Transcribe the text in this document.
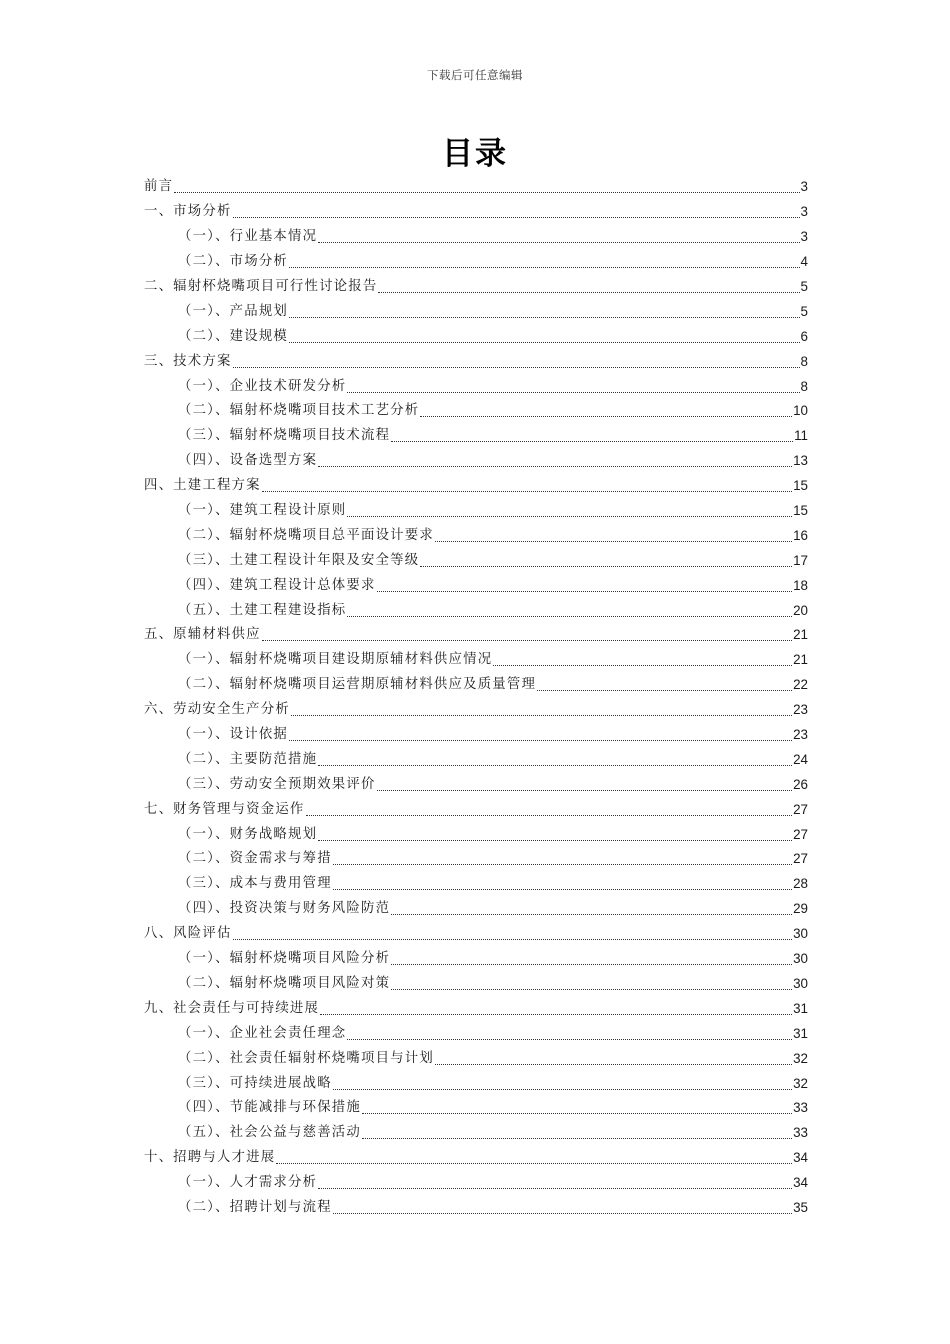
下载后可任意编辑
目录
前言	3
一、市场分析	3
（一）、行业基本情况	3
（二）、市场分析	4
二、辐射杯烧嘴项目可行性讨论报告	5
（一）、产品规划	5
（二）、建设规模	6
三、技术方案	8
（一）、企业技术研发分析	8
（二）、辐射杯烧嘴项目技术工艺分析	10
（三）、辐射杯烧嘴项目技术流程	11
（四）、设备选型方案	13
四、土建工程方案	15
（一）、建筑工程设计原则	15
（二）、辐射杯烧嘴项目总平面设计要求	16
（三）、土建工程设计年限及安全等级	17
（四）、建筑工程设计总体要求	18
（五）、土建工程建设指标	20
五、原辅材料供应	21
（一）、辐射杯烧嘴项目建设期原辅材料供应情况	21
（二）、辐射杯烧嘴项目运营期原辅材料供应及质量管理	22
六、劳动安全生产分析	23
（一）、设计依据	23
（二）、主要防范措施	24
（三）、劳动安全预期效果评价	26
七、财务管理与资金运作	27
（一）、财务战略规划	27
（二）、资金需求与筹措	27
（三）、成本与费用管理	28
（四）、投资决策与财务风险防范	29
八、风险评估	30
（一）、辐射杯烧嘴项目风险分析	30
（二）、辐射杯烧嘴项目风险对策	30
九、社会责任与可持续进展	31
（一）、企业社会责任理念	31
（二）、社会责任辐射杯烧嘴项目与计划	32
（三）、可持续进展战略	32
（四）、节能减排与环保措施	33
（五）、社会公益与慈善活动	33
十、招聘与人才进展	34
（一）、人才需求分析	34
（二）、招聘计划与流程	35
